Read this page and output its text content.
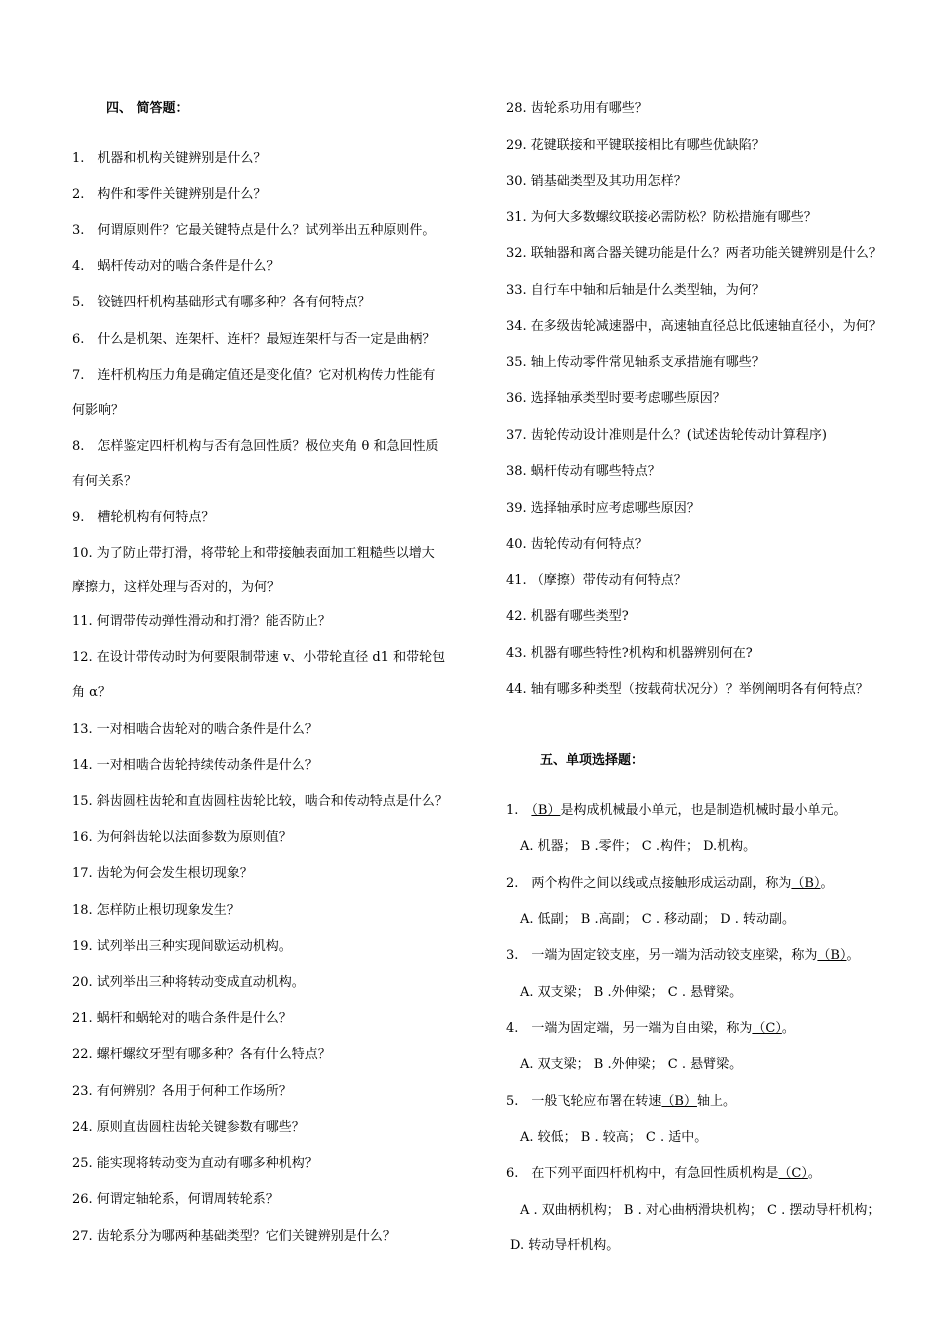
四、 简答题：
1.　机器和机构关键辨别是什么？
2.　构件和零件关键辨别是什么？
3.　何谓原则件？它最关键特点是什么？试列举出五种原则件。
4.　蜗杆传动对的啮合条件是什么？
5.　铰链四杆机构基础形式有哪多种？各有何特点？
6.　什么是机架、连架杆、连杆？最短连架杆与否一定是曲柄？
7.　连杆机构压力角是确定值还是变化值？它对机构传力性能有
何影响？
8.　怎样鉴定四杆机构与否有急回性质？极位夹角 θ 和急回性质
有何关系？
9.　槽轮机构有何特点？
10. 为了防止带打滑，将带轮上和带接触表面加工粗糙些以增大
摩擦力，这样处理与否对的，为何？
11. 何谓带传动弹性滑动和打滑？能否防止？
12. 在设计带传动时为何要限制带速 v、小带轮直径 d1 和带轮包
角 α？
13. 一对相啮合齿轮对的啮合条件是什么？
14. 一对相啮合齿轮持续传动条件是什么？
15. 斜齿圆柱齿轮和直齿圆柱齿轮比较，啮合和传动特点是什么？
16. 为何斜齿轮以法面参数为原则值？
17. 齿轮为何会发生根切现象？
18. 怎样防止根切现象发生？
19. 试列举出三种实现间歇运动机构。
20. 试列举出三种将转动变成直动机构。
21. 蜗杆和蜗轮对的啮合条件是什么？
22. 螺杆螺纹牙型有哪多种？各有什么特点？
23. 有何辨别？各用于何种工作场所？
24. 原则直齿圆柱齿轮关键参数有哪些？
25. 能实现将转动变为直动有哪多种机构？
26. 何谓定轴轮系，何谓周转轮系？
27. 齿轮系分为哪两种基础类型？它们关键辨别是什么？
28. 齿轮系功用有哪些？
29. 花键联接和平键联接相比有哪些优缺陷？
30. 销基础类型及其功用怎样？
31. 为何大多数螺纹联接必需防松？防松措施有哪些？
32. 联轴器和离合器关键功能是什么？两者功能关键辨别是什么？
33. 自行车中轴和后轴是什么类型轴，为何？
34. 在多级齿轮减速器中，高速轴直径总比低速轴直径小，为何？
35. 轴上传动零件常见轴系支承措施有哪些？
36. 选择轴承类型时要考虑哪些原因？
37. 齿轮传动设计准则是什么？(试述齿轮传动计算程序)
38. 蜗杆传动有哪些特点？
39. 选择轴承时应考虑哪些原因？
40. 齿轮传动有何特点？
41. （摩擦）带传动有何特点？
42. 机器有哪些类型?
43. 机器有哪些特性?机构和机器辨别何在?
44. 轴有哪多种类型（按载荷状况分）？举例阐明各有何特点？
五、单项选择题：
1.　（B）是构成机械最小单元，也是制造机械时最小单元。
A. 机器； B .零件； C .构件； D.机构。
2.　两个构件之间以线或点接触形成运动副，称为（B）。
A. 低副； B .高副； C . 移动副； D . 转动副。
3.　一端为固定铰支座，另一端为活动铰支座梁，称为（B）。
A. 双支梁； B .外伸梁； C . 悬臂梁。
4.　一端为固定端，另一端为自由梁，称为（C）。
A. 双支梁； B .外伸梁； C . 悬臂梁。
5.　一般飞轮应布署在转速（B）轴上。
A. 较低； B . 较高； C . 适中。
6.　在下列平面四杆机构中，有急回性质机构是（C）。
A . 双曲柄机构； B . 对心曲柄滑块机构； C . 摆动导杆机构；
D. 转动导杆机构。
